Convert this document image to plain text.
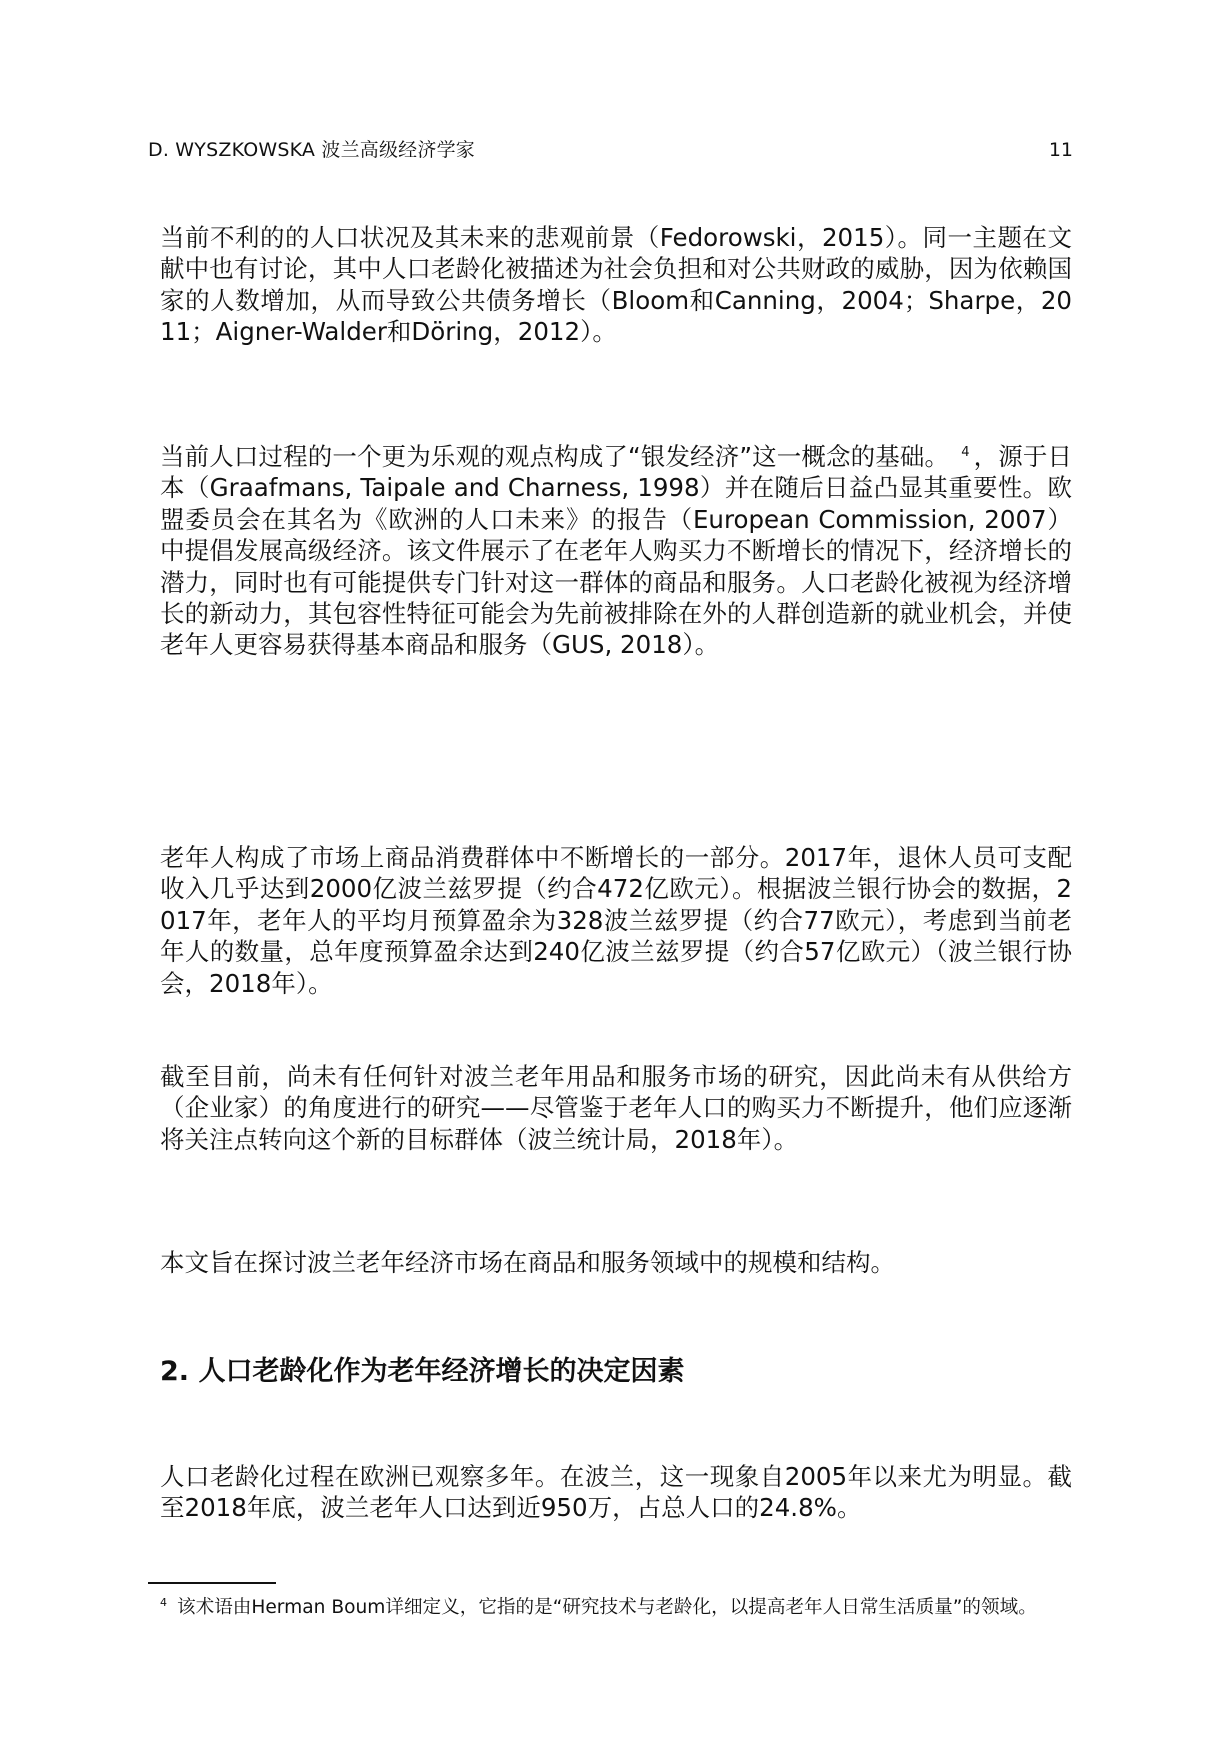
D. WYSZKOWSKA 波兰高级经济学家	11

当前不利的的人口状况及其未来的悲观前景（Fedorowski，2015）。同一主题在文献中也有讨论，其中人口老龄化被描述为社会负担和对公共财政的威胁，因为依赖国家的人数增加，从而导致公共债务增长（Bloom和Canning，2004；Sharpe，2011；Aigner-Walder和Döring，2012）。

当前人口过程的一个更为乐观的观点构成了“银发经济”这一概念的基础。 $^4$ ，源于日本（Graafmans, Taipale and Charness, 1998）并在随后日益凸显其重要性。欧盟委员会在其名为《欧洲的人口未来》的报告（European Commission, 2007）中提倡发展高级经济。该文件展示了在老年人购买力不断增长的情况下，经济增长的潜力，同时也有可能提供专门针对这一群体的商品和服务。人口老龄化被视为经济增长的新动力，其包容性特征可能会为先前被排除在外的人群创造新的就业机会，并使老年人更容易获得基本商品和服务（GUS, 2018）。

老年人构成了市场上商品消费群体中不断增长的一部分。2017年，退休人员可支配收入几乎达到2000亿波兰兹罗提（约合472亿欧元）。根据波兰银行协会的数据，2017年，老年人的平均月预算盈余为328波兰兹罗提（约合77欧元），考虑到当前老年人的数量，总年度预算盈余达到240亿波兰兹罗提（约合57亿欧元）（波兰银行协会，2018年）。

截至目前，尚未有任何针对波兰老年用品和服务市场的研究，因此尚未有从供给方（企业家）的角度进行的研究——尽管鉴于老年人口的购买力不断提升，他们应逐渐将关注点转向这个新的目标群体（波兰统计局，2018年）。

本文旨在探讨波兰老年经济市场在商品和服务领域中的规模和结构。

2. 人口老龄化作为老年经济增长的决定因素

人口老龄化过程在欧洲已观察多年。在波兰，这一现象自2005年以来尤为明显。截至2018年底，波兰老年人口达到近950万，占总人口的24.8%。

$^4$ 该术语由Herman Boum详细定义，它指的是“研究技术与老龄化，以提高老年人日常生活质量”的领域。
